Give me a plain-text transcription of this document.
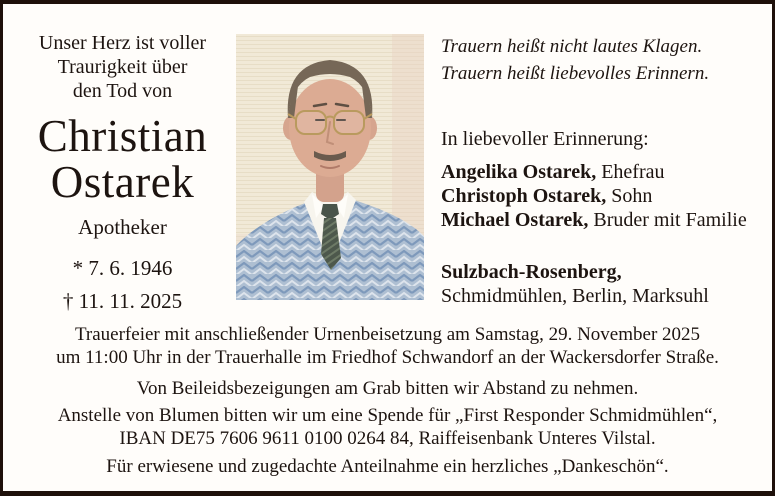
Unser Herz ist voller
Traurigkeit über
den Tod von
Christian
Ostarek
Apotheker
* 7. 6. 1946
† 11. 11. 2025
Trauern heißt nicht lautes Klagen.
Trauern heißt liebevolles Erinnern.
In liebevoller Erinnerung:
Angelika Ostarek, Ehefrau
Christoph Ostarek, Sohn
Michael Ostarek, Bruder mit Familie
Sulzbach-Rosenberg,
Schmidmühlen, Berlin, Marksuhl
Trauerfeier mit anschließender Urnenbeisetzung am Samstag, 29. November 2025
um 11:00 Uhr in der Trauerhalle im Friedhof Schwandorf an der Wackersdorfer Straße.
Von Beileidsbezeigungen am Grab bitten wir Abstand zu nehmen.
Anstelle von Blumen bitten wir um eine Spende für „First Responder Schmidmühlen“,
IBAN DE75 7606 9611 0100 0264 84, Raiffeisenbank Unteres Vilstal.
Für erwiesene und zugedachte Anteilnahme ein herzliches „Dankeschön“.
